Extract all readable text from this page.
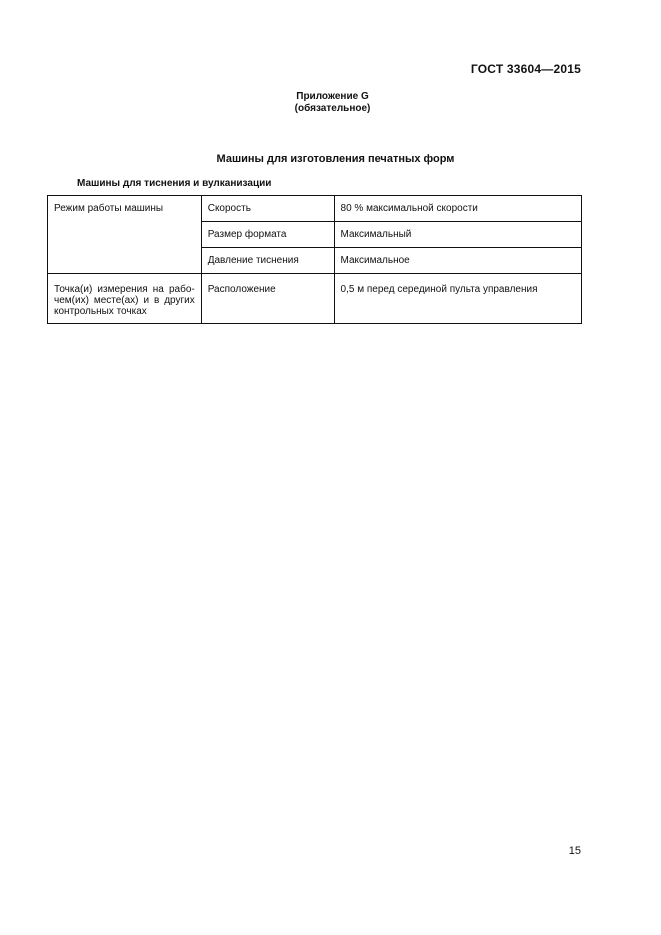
ГОСТ 33604—2015
Приложение G
(обязательное)
Машины для изготовления печатных форм
Машины для тиснения и вулканизации
Режим работы машины	Скорость	80 % максимальной скорости
	Размер формата	Максимальный
	Давление тиснения	Максимальное
Точка(и) измерения на рабо-чем(их) месте(ах) и в других контрольных точках	Расположение	0,5 м перед серединой пульта управления
15
